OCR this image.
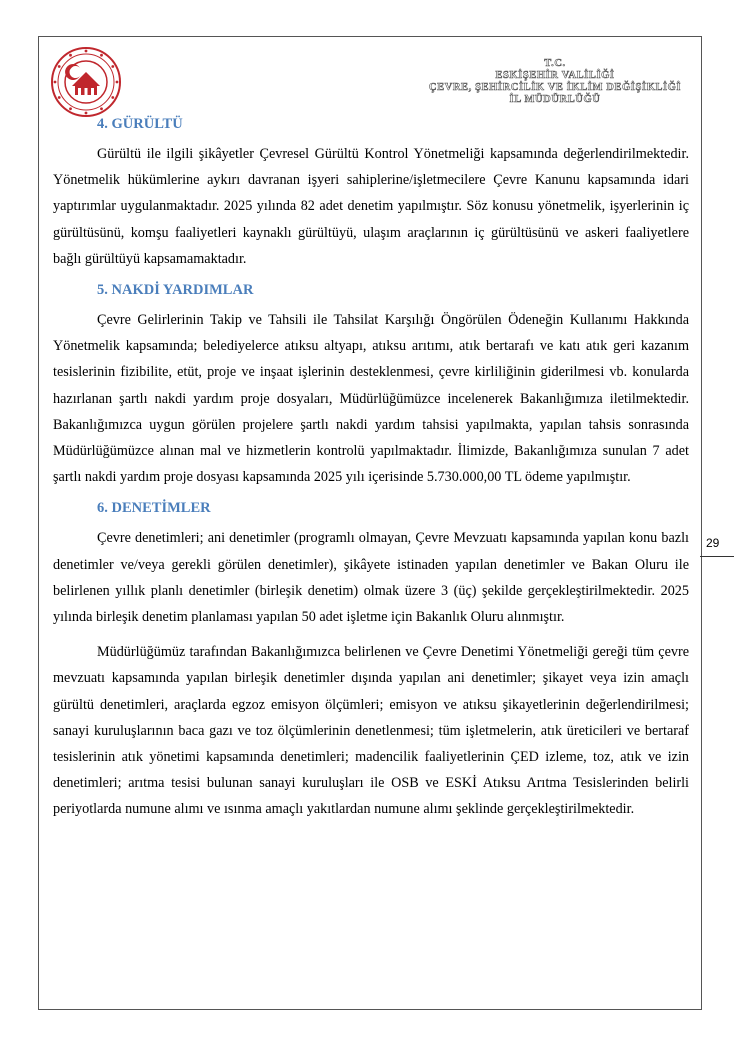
T.C.
ESKİŞEHİR VALİLİĞİ
ÇEVRE, ŞEHİRCİLİK VE İKLİM DEĞİŞİKLİĞİ
İL MÜDÜRLÜĞÜ
29
4. GÜRÜLTÜ

Gürültü ile ilgili şikâyetler Çevresel Gürültü Kontrol Yönetmeliği kapsamında değerlendirilmektedir. Yönetmelik hükümlerine aykırı davranan işyeri sahiplerine/işletmecilere Çevre Kanunu kapsamında idari yaptırımlar uygulanmaktadır. 2025 yılında 82 adet denetim yapılmıştır. Söz konusu yönetmelik, işyerlerinin iç gürültüsünü, komşu faaliyetleri kaynaklı gürültüyü, ulaşım araçlarının iç gürültüsünü ve askeri faaliyetlere bağlı gürültüyü kapsamamaktadır.

5. NAKDİ YARDIMLAR

Çevre Gelirlerinin Takip ve Tahsili ile Tahsilat Karşılığı Öngörülen Ödeneğin Kullanımı Hakkında Yönetmelik kapsamında; belediyelerce atıksu altyapı, atıksu arıtımı, atık bertarafı ve katı atık geri kazanım tesislerinin fizibilite, etüt, proje ve inşaat işlerinin desteklenmesi, çevre kirliliğinin giderilmesi vb. konularda hazırlanan şartlı nakdi yardım proje dosyaları, Müdürlüğümüzce incelenerek Bakanlığımıza iletilmektedir. Bakanlığımızca uygun görülen projelere şartlı nakdi yardım tahsisi yapılmakta, yapılan tahsis sonrasında Müdürlüğümüzce alınan mal ve hizmetlerin kontrolü yapılmaktadır. İlimizde, Bakanlığımıza sunulan 7 adet şartlı nakdi yardım proje dosyası kapsamında 2025 yılı içerisinde 5.730.000,00 TL ödeme yapılmıştır.

6. DENETİMLER

Çevre denetimleri; ani denetimler (programlı olmayan, Çevre Mevzuatı kapsamında yapılan konu bazlı denetimler ve/veya gerekli görülen denetimler), şikâyete istinaden yapılan denetimler ve Bakan Oluru ile belirlenen yıllık planlı denetimler (birleşik denetim) olmak üzere 3 (üç) şekilde gerçekleştirilmektedir. 2025 yılında birleşik denetim planlaması yapılan 50 adet işletme için Bakanlık Oluru alınmıştır.

Müdürlüğümüz tarafından Bakanlığımızca belirlenen ve Çevre Denetimi Yönetmeliği gereği tüm çevre mevzuatı kapsamında yapılan birleşik denetimler dışında yapılan ani denetimler; şikayet veya izin amaçlı gürültü denetimleri, araçlarda egzoz emisyon ölçümleri; emisyon ve atıksu şikayetlerinin değerlendirilmesi; sanayi kuruluşlarının baca gazı ve toz ölçümlerinin denetlenmesi; tüm işletmelerin, atık üreticileri ve bertaraf tesislerinin atık yönetimi kapsamında denetimleri; madencilik faaliyetlerinin ÇED izleme, toz, atık ve izin denetimleri; arıtma tesisi bulunan sanayi kuruluşları ile OSB ve ESKİ Atıksu Arıtma Tesislerinden belirli periyotlarda numune alımı ve ısınma amaçlı yakıtlardan numune alımı şeklinde gerçekleştirilmektedir.
